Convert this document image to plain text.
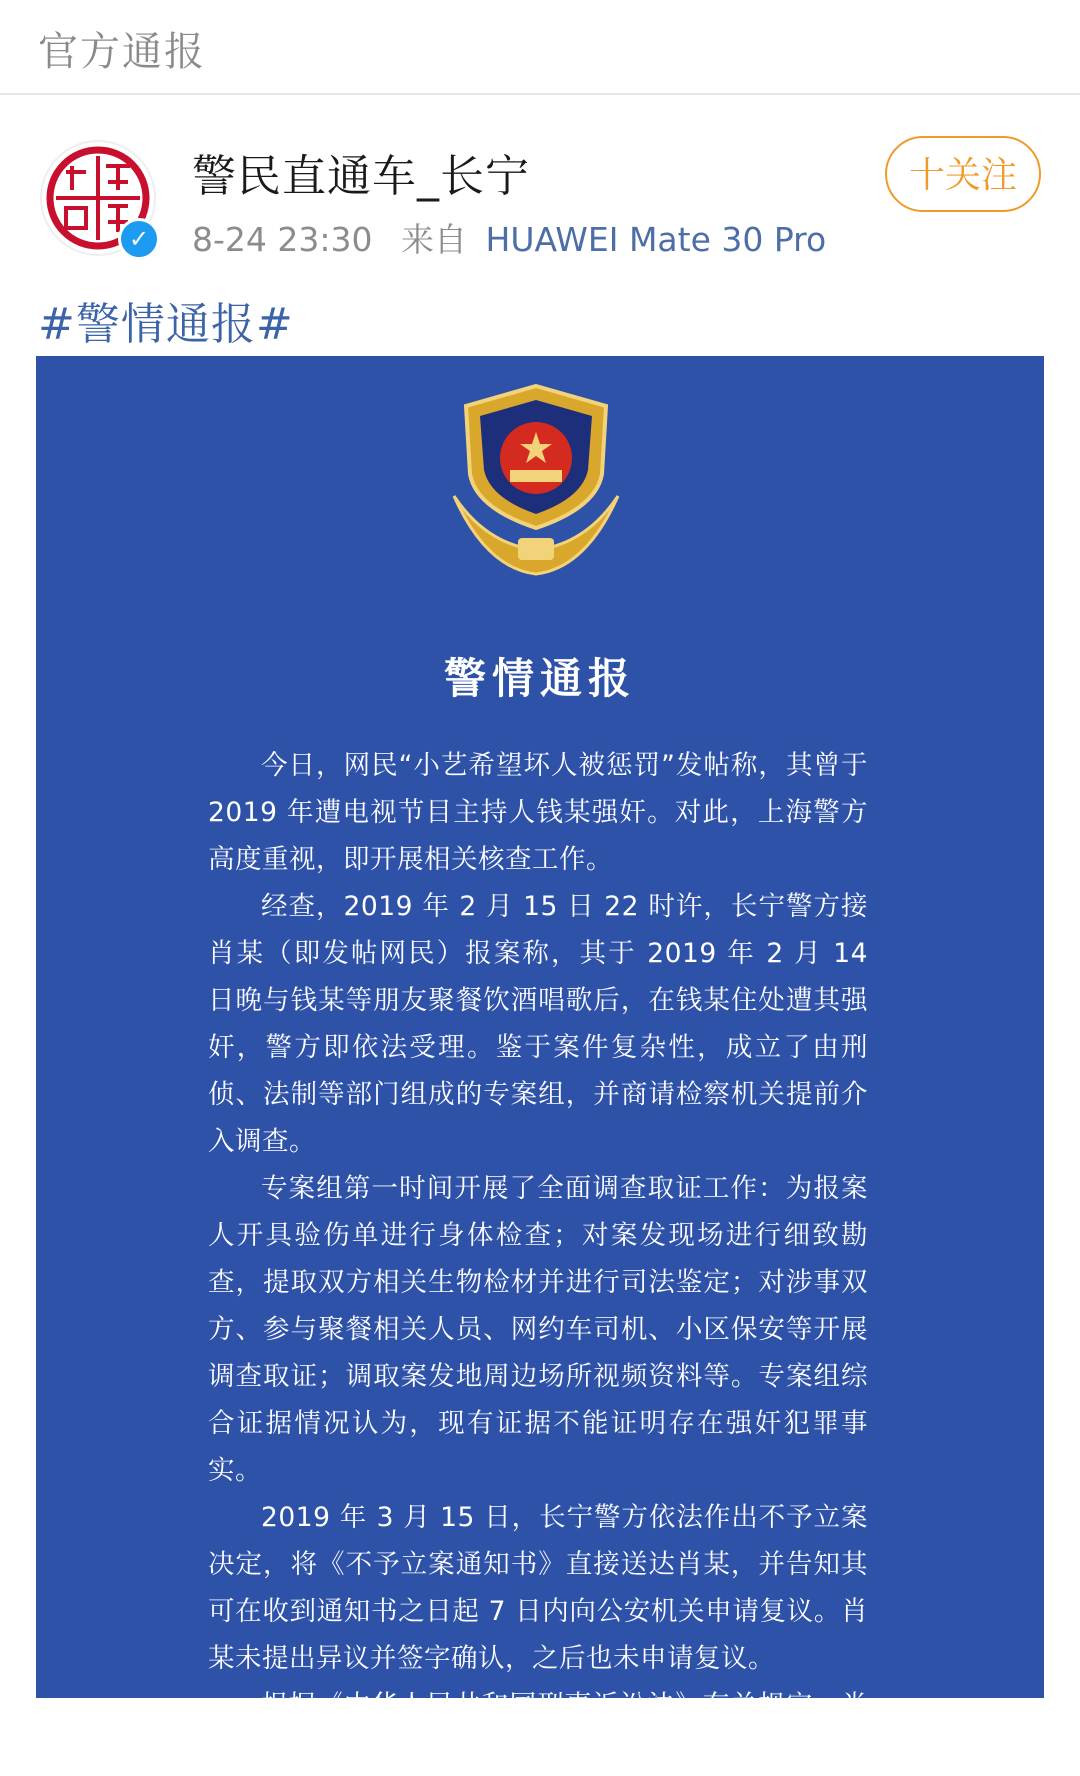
官方通报
✓
警民直通车_长宁
8-24 23:30 来自 HUAWEI Mate 30 Pro
十关注
#警情通报#
警情通报

今日，网民“小艺希望坏人被惩罚”发帖称，其曾于 2019 年遭电视节目主持人钱某强奸。对此，上海警方高度重视，即开展相关核查工作。

经查，2019 年 2 月 15 日 22 时许，长宁警方接肖某（即发帖网民）报案称，其于 2019 年 2 月 14 日晚与钱某等朋友聚餐饮酒唱歌后，在钱某住处遭其强奸，警方即依法受理。鉴于案件复杂性，成立了由刑侦、法制等部门组成的专案组，并商请检察机关提前介入调查。

专案组第一时间开展了全面调查取证工作：为报案人开具验伤单进行身体检查；对案发现场进行细致勘查，提取双方相关生物检材并进行司法鉴定；对涉事双方、参与聚餐相关人员、网约车司机、小区保安等开展调查取证；调取案发地周边场所视频资料等。专案组综合证据情况认为，现有证据不能证明存在强奸犯罪事实。

2019 年 3 月 15 日，长宁警方依法作出不予立案决定，将《不予立案通知书》直接送达肖某，并告知其可在收到通知书之日起 7 日内向公安机关申请复议。肖某未提出异议并签字确认，之后也未申请复议。

根据《中华人民共和国刑事诉讼法》有关规定，肖某如有其它新增涉案证据，可向警方提供，警方将依法
